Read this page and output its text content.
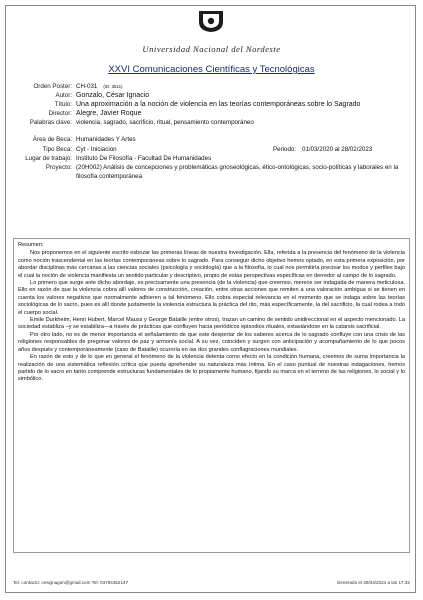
Universidad Nacional del Nordeste
XXVI Comunicaciones Científicas y Tecnológicas
Orden Poster: CH-031 (ID: 3511)
Autor: Gonzalo, César Ignacio
Título: Una aproximación a la noción de violencia en las teorías contemporáneas sobre lo Sagrado
Director: Alegre, Javier Roque
Palabras clave: violencia, sagrado, sacrificio, ritual, pensamiento contemporáneo
Área de Beca: Humanidades Y Artes
Tipo Beca: Cyt - Iniciacion	Periodo: 01/03/2020 al 28/02/2023
Lugar de trabajo: Instituto De Filosofía - Facultad De Humanidades
Proyecto: (20H002) Análisis de concepciones y problemáticas gnoseológicas, ético-ontológicas, socio-políticas y laborales en la filosofía contemporánea

Resumen:

Nos proponemos en el siguiente escrito esbozar las primeras líneas de nuestra investigación. Ella, referida a la presencia del fenómeno de la violencia como noción trascendental en las teorías contemporáneas sobre lo sagrado. Para conseguir dicho objetivo hemos optado, en esta primera exposición, por abordar disciplinas más cercanas a las ciencias sociales (psicología y sociología) que a la filosofía, lo cual nos permitiría precisar los modos y perfiles bajo el cual la noción de violencia manifiesta un sentido particular y descriptivo, propio de estas perspectivas específicas en derredor al campo de lo sagrado.

Lo primero que surge ante dicho abordaje, es precisamente una presencia (de la violencia) que creemos, merece ser indagada de manera meticulosa. Ello en razón de que la violencia cobra allí valores de construcción, creación, entre otras acciones que remiten a una valoración ambigua si se tienen en cuenta los valores negativos que normalmente adhieren a tal fenómeno. Ello cobra especial relevancia en el momento que se indaga sobre las teorías sociológicas de lo sacro, pues es allí donde justamente la violencia estructura la práctica del rito, más específicamente, la del sacrificio, la cual rodea a todo el cuerpo social.

Emile Durkheim, Henri Hubert, Marcel Mauss y George Bataille (entre otros), trazan un camino de sentido unidireccional en el aspecto mencionado. La sociedad establiza –y se estabiliza—a través de prácticas que confluyen hacia periódicos episodios rituales, extasiándose en la catarsis sacrificial.

Por otro lado, no es de menor importancia el señalamiento de que este despertar de los saberes acerca de lo sagrado confluye con una crisis de las religiones responsables de pregonar valores de paz y armonía social. A su vez, coinciden y surgen con anticipación y acompañamiento de lo que pocos años después y contemporáneamente (caso de Bataille) ocurriría en las dos grandes conflagraciones mundiales.

En razón de esto y de lo que en general el fenómeno de la violencia detenta como efecto en la condición humana, creemos de suma importancia la realización de una sistemática reflexión crítica que pueda aprehender su naturaleza más íntima. En el caso puntual de nuestras indagaciones, hemos partido de lo sacro en tanto comprende estructuras fundamentales de lo propiamente humano, fijando su marca en el terreno de las religiones, lo social y lo simbólico.

Tel. contacto: cesignagon@gmail.com Tel: 03794352147	Generado el 30/04/2024 a las 17:32
